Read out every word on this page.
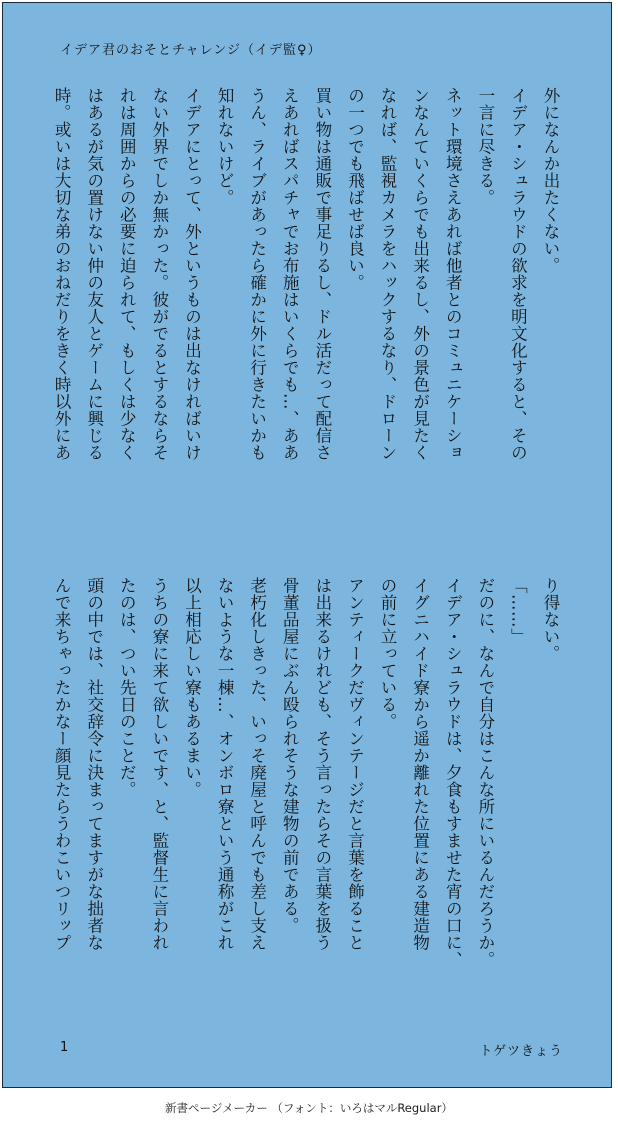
イデア君のおそとチャレンジ（イデ監♀）
外になんか出たくない。
イデア・シュラウドの欲求を明文化すると、その
一言に尽きる。
ネット環境さえあれば他者とのコミュニケーショ
ンなんていくらでも出来るし、外の景色が見たく
なれば、監視カメラをハックするなり、ドローン
の一つでも飛ばせば良い。
買い物は通販で事足りるし、ドル活だって配信さ
えあればスパチャでお布施はいくらでも…、ああ
うん、ライブがあったら確かに外に行きたいかも
知れないけど。
イデアにとって、外というものは出なければいけ
ない外界でしか無かった。彼がでるとするならそ
れは周囲からの必要に迫られて、もしくは少なく
はあるが気の置けない仲の友人とゲームに興じる
時。或いは大切な弟のおねだりをきく時以外にあ
り得ない。
「……」
だのに、なんで自分はこんな所にいるんだろうか。
イデア・シュラウドは、夕食もすませた宵の口に、
イグニハイド寮から遥か離れた位置にある建造物
の前に立っている。
アンティークだヴィンテージだと言葉を飾ること
は出来るけれども、そう言ったらその言葉を扱う
骨董品屋にぶん殴られそうな建物の前である。
老朽化しきった、いっそ廃屋と呼んでも差し支え
ないような一棟…、オンボロ寮という通称がこれ
以上相応しい寮もあるまい。
うちの寮に来て欲しいです、と、監督生に言われ
たのは、つい先日のことだ。
頭の中では、社交辞令に決まってますがな拙者な
んで来ちゃったかなー顔見たらうわこいつリップ
1	トゲツきょう
新書ページメーカー （フォント：いろはマルRegular）
